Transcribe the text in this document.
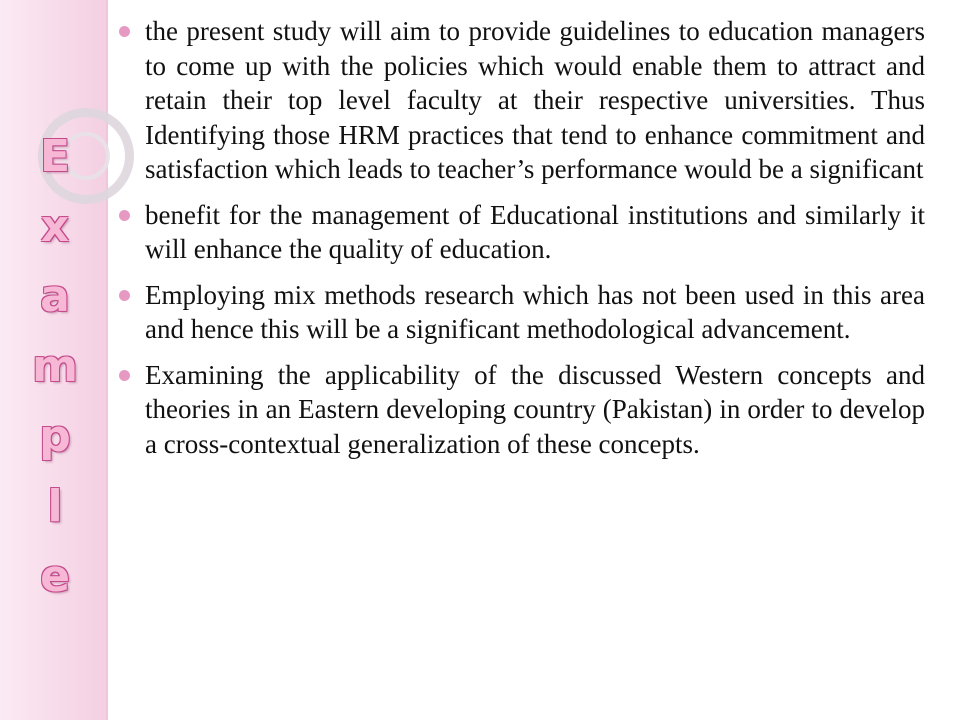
E
x
a
m
p
l
e
the present study will aim to provide guidelines to education managers to come up with the policies which would enable them to attract and retain their top level faculty at their respective universities. Thus Identifying those HRM practices that tend to enhance commitment and satisfaction which leads to teacher’s performance would be a significant
benefit for the management of Educational institutions and similarly it will enhance the quality of education.
Employing mix methods research which has not been used in this area and hence this will be a significant methodological advancement.
Examining the applicability of the discussed Western concepts and theories in an Eastern developing country (Pakistan) in order to develop a cross-contextual generalization of these concepts.
